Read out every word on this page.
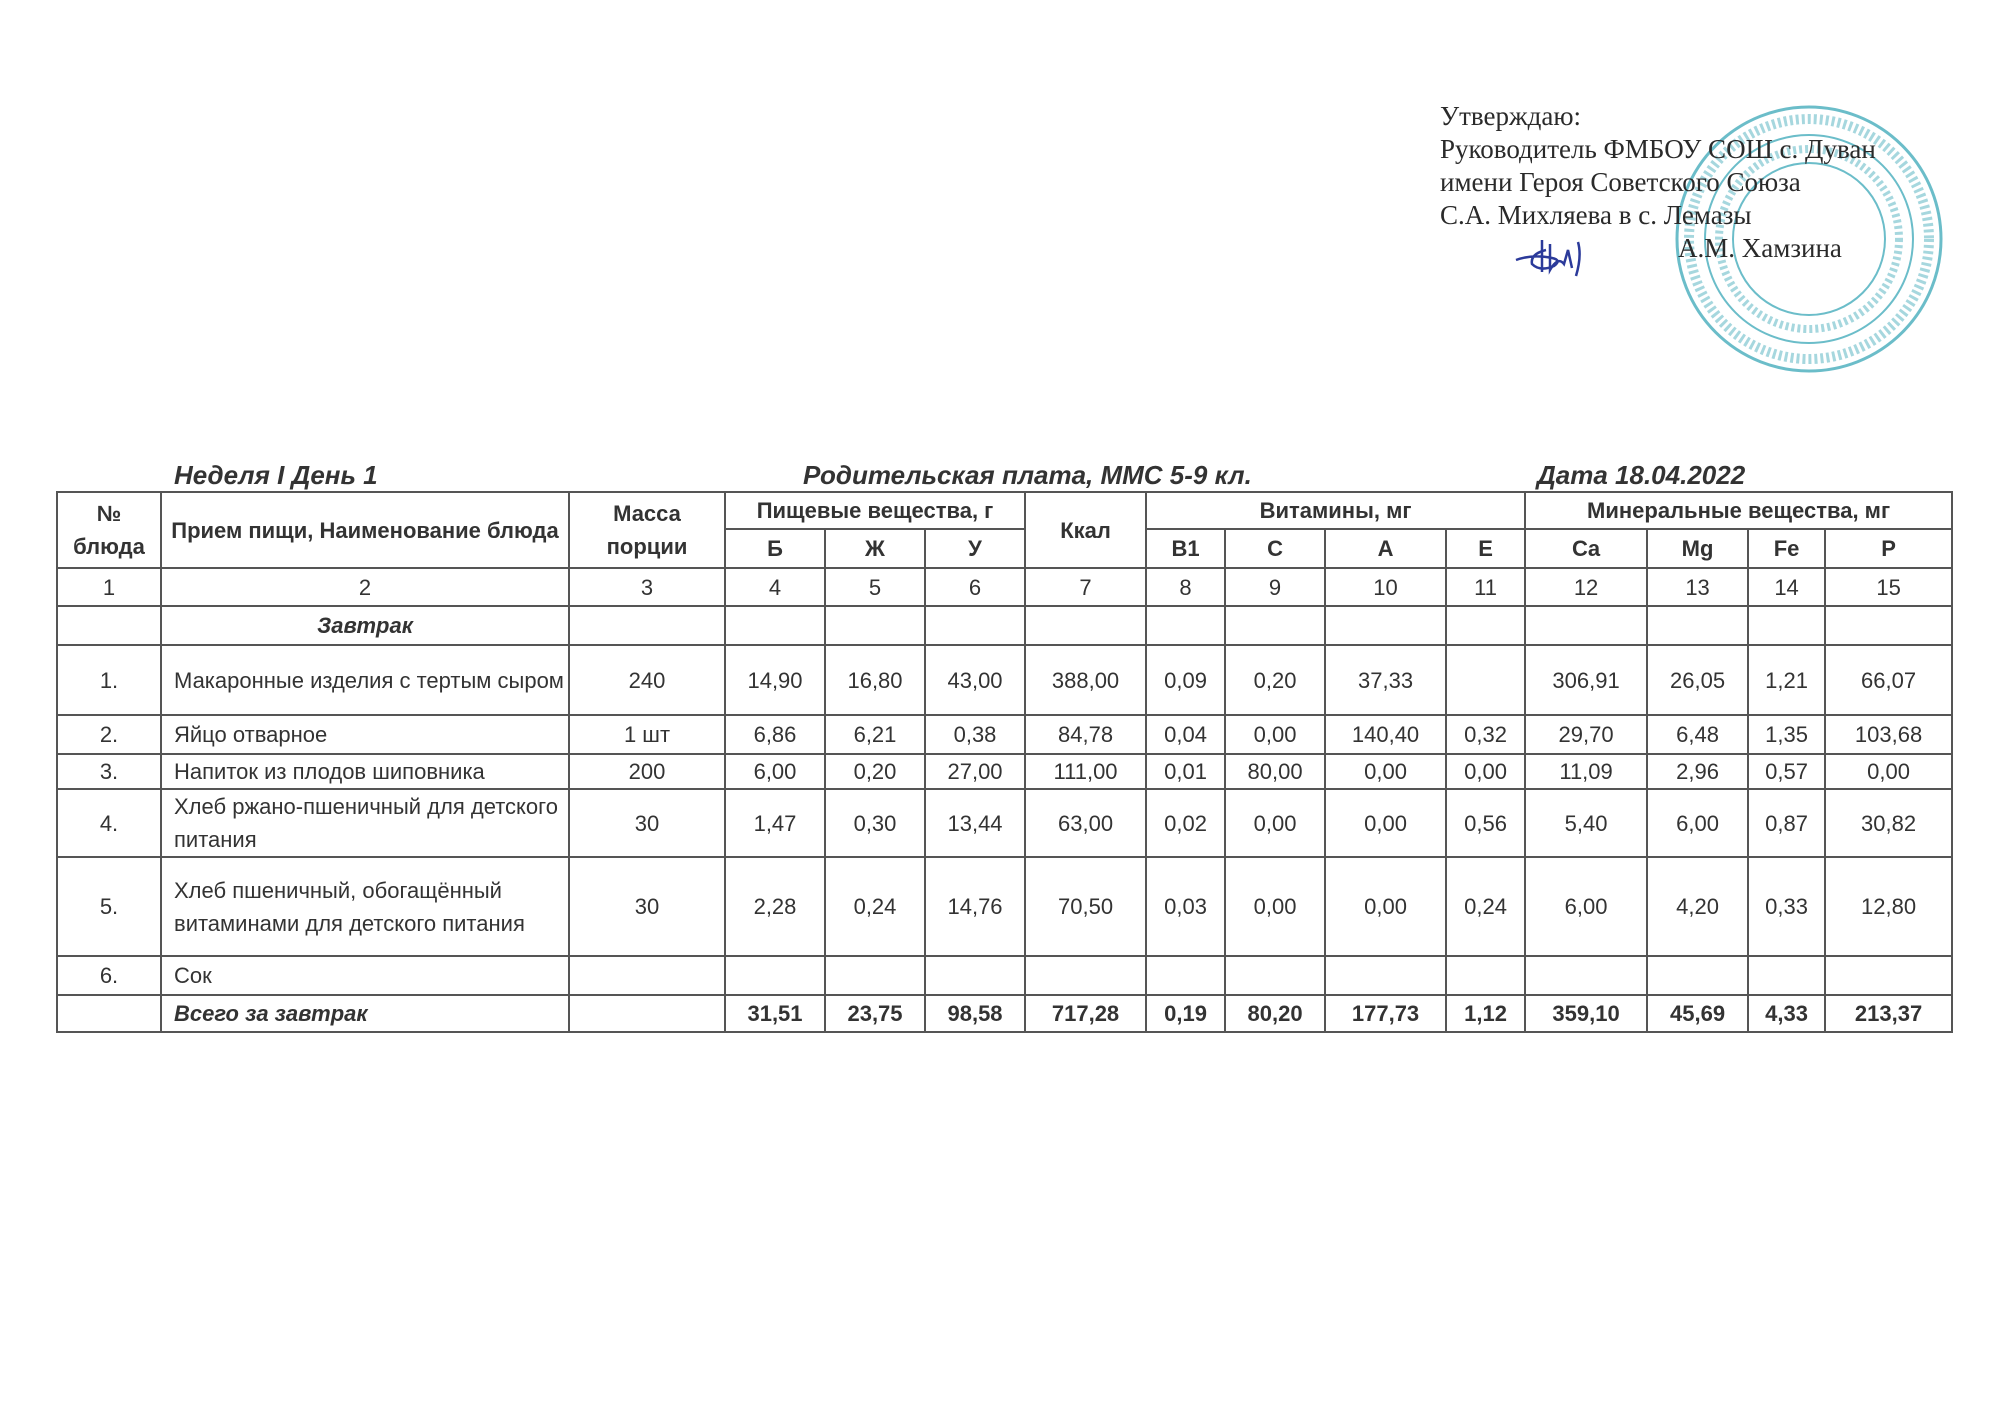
Утверждаю:
Руководитель ФМБОУ СОШ с. Дуван
имени Героя Советского Союза
С.А. Михляева в с. Лемазы
А.М. Хамзина
Неделя I День 1	Родительская плата, ММС 5-9 кл.	Дата 18.04.2022
№ блюда	Прием пищи, Наименование блюда	Масса порции	Пищевые вещества, г			Ккал	Витамины, мг				Минеральные вещества, мг			
			Б	Ж	У		B1	C	A	E	Ca	Mg	Fe	P
1	2	3	4	5	6	7	8	9	10	11	12	13	14	15
	Завтрак													
1.	Макаронные изделия с тертым сыром	240	14,90	16,80	43,00	388,00	0,09	0,20	37,33		306,91	26,05	1,21	66,07
2.	Яйцо отварное	1 шт	6,86	6,21	0,38	84,78	0,04	0,00	140,40	0,32	29,70	6,48	1,35	103,68
3.	Напиток из плодов шиповника	200	6,00	0,20	27,00	111,00	0,01	80,00	0,00	0,00	11,09	2,96	0,57	0,00
4.	Хлеб ржано-пшеничный для детского питания	30	1,47	0,30	13,44	63,00	0,02	0,00	0,00	0,56	5,40	6,00	0,87	30,82
5.	Хлеб пшеничный, обогащённый витаминами для детского питания	30	2,28	0,24	14,76	70,50	0,03	0,00	0,00	0,24	6,00	4,20	0,33	12,80
6.	Сок													
	Всего за завтрак		31,51	23,75	98,58	717,28	0,19	80,20	177,73	1,12	359,10	45,69	4,33	213,37
